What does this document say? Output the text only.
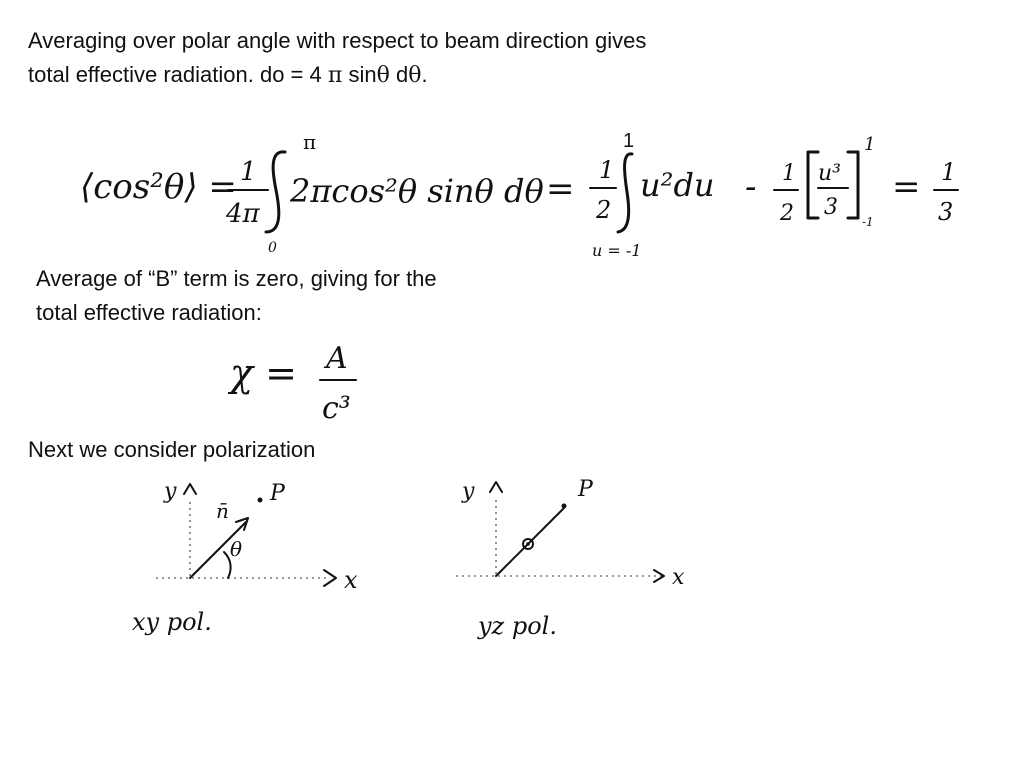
Averaging over polar angle with respect to beam direction gives
total effective radiation. do = 4 π sinθ dθ.
π	1
⟨cos²θ⟩ = 1
4π
0
2πcos²θ sinθ dθ = 1
2
u = -1
u²du - 1
2
u³
3
1
-1
= 1
3
Average of “B” term is zero, giving for the
total effective radiation:
χ = A
c³
Next we consider polarization
y
x
n̄
P
θ
xy pol.
y
x
P
yz pol.
